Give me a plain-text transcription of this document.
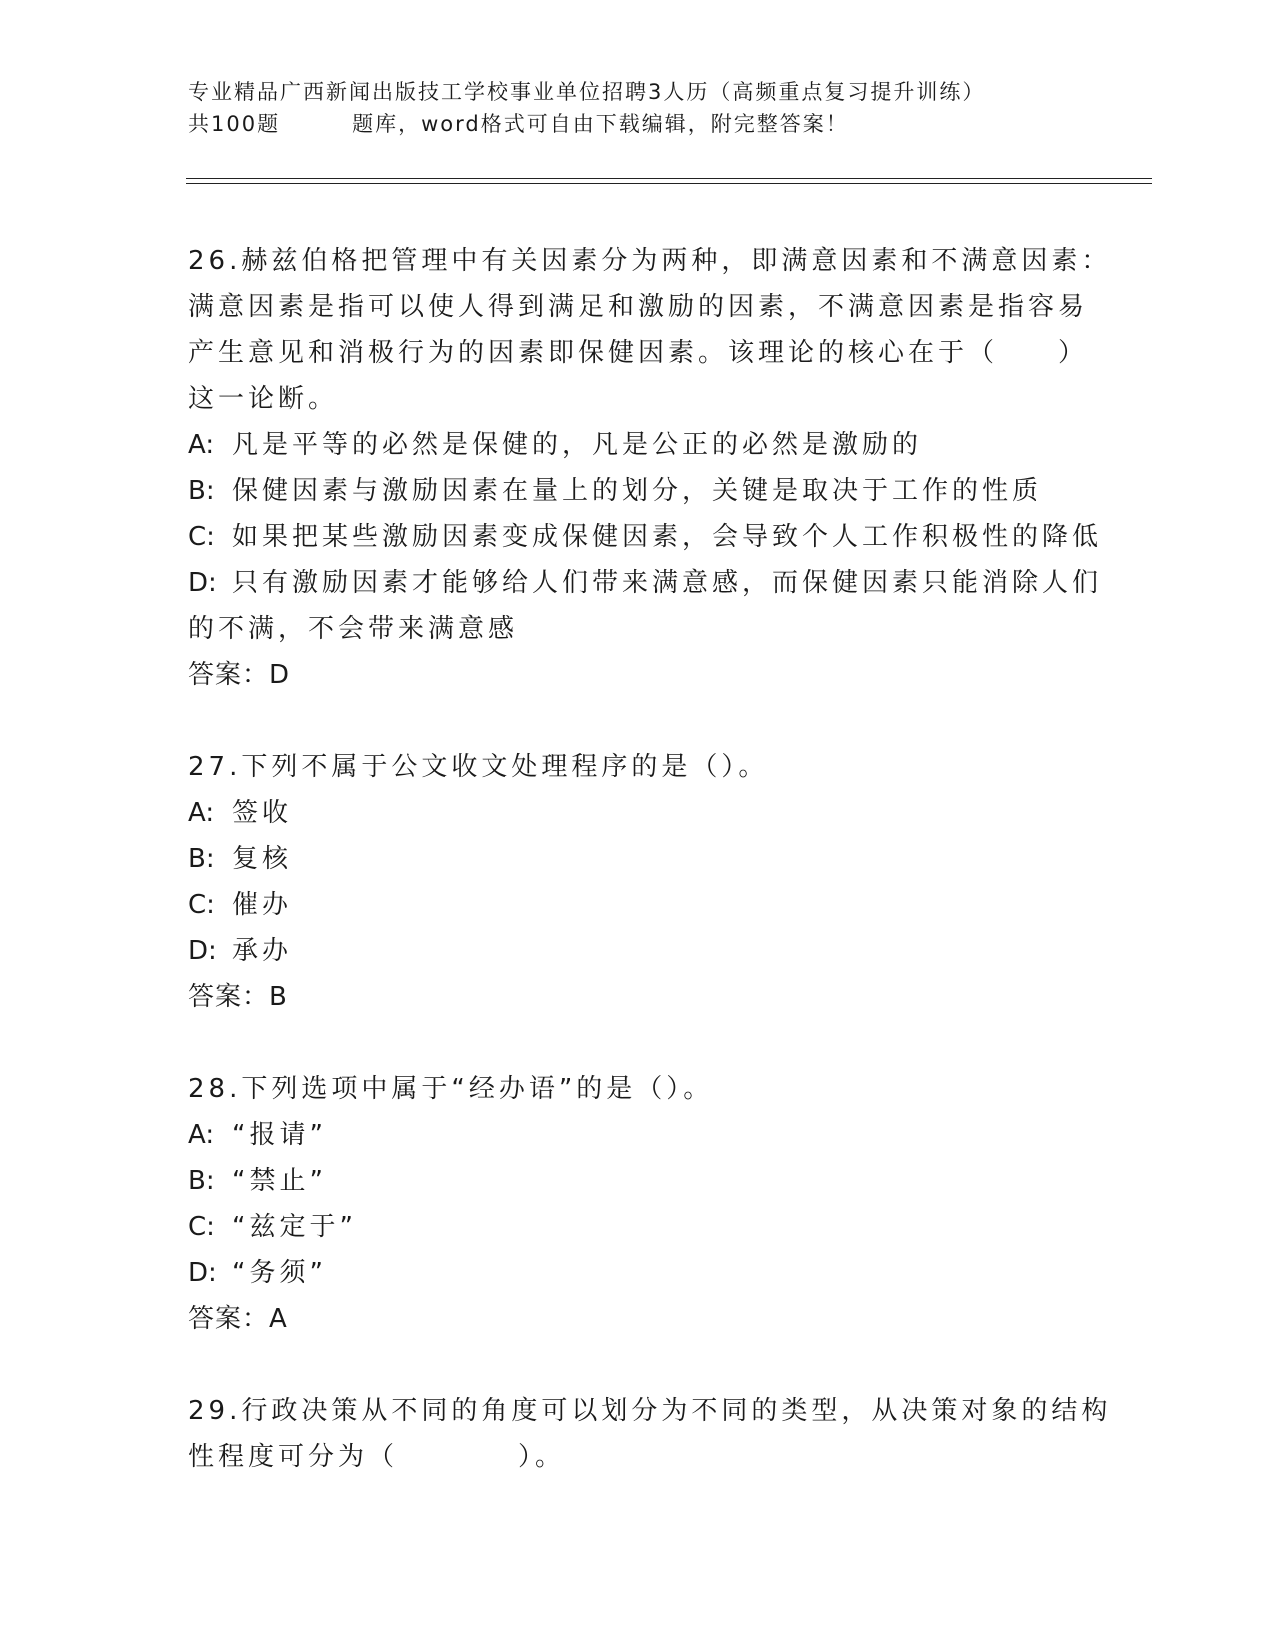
专业精品广西新闻出版技工学校事业单位招聘3人历（高频重点复习提升训练）
共100题	题库，word格式可自由下载编辑，附完整答案！
26.赫兹伯格把管理中有关因素分为两种，即满意因素和不满意因素：
满意因素是指可以使人得到满足和激励的因素，不满意因素是指容易
产生意见和消极行为的因素即保健因素。该理论的核心在于（　　）
这一论断。
A: 凡是平等的必然是保健的，凡是公正的必然是激励的
B: 保健因素与激励因素在量上的划分，关键是取决于工作的性质
C: 如果把某些激励因素变成保健因素，会导致个人工作积极性的降低
D: 只有激励因素才能够给人们带来满意感，而保健因素只能消除人们
的不满，不会带来满意感
答案：D
27.下列不属于公文收文处理程序的是（）。
A: 签收
B: 复核
C: 催办
D: 承办
答案：B
28.下列选项中属于“经办语”的是（）。
A: “报请”
B: “禁止”
C: “兹定于”
D: “务须”
答案：A
29.行政决策从不同的角度可以划分为不同的类型，从决策对象的结构
性程度可分为（　　　　）。
